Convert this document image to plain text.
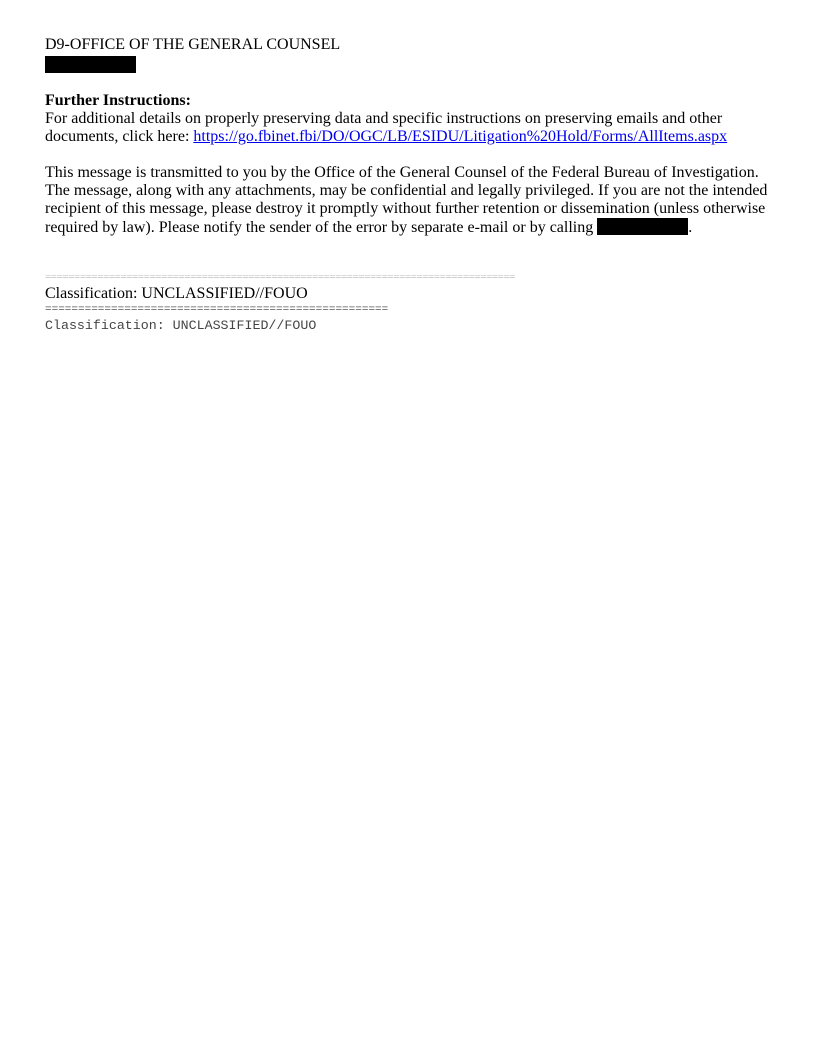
D9-OFFICE OF THE GENERAL COUNSEL

Further Instructions:

For additional details on properly preserving data and specific instructions on preserving emails and other documents, click here: https://go.fbinet.fbi/DO/OGC/LB/ESIDU/Litigation%20Hold/Forms/AllItems.aspx

This message is transmitted to you by the Office of the General Counsel of the Federal Bureau of Investigation. The message, along with any attachments, may be confidential and legally privileged. If you are not the intended recipient of this message, please destroy it promptly without further retention or dissemination (unless otherwise required by law). Please notify the sender of the error by separate e-mail or by calling	.

=================================================================================

Classification: UNCLASSIFIED//FOUO

====================================================

Classification: UNCLASSIFIED//FOUO
